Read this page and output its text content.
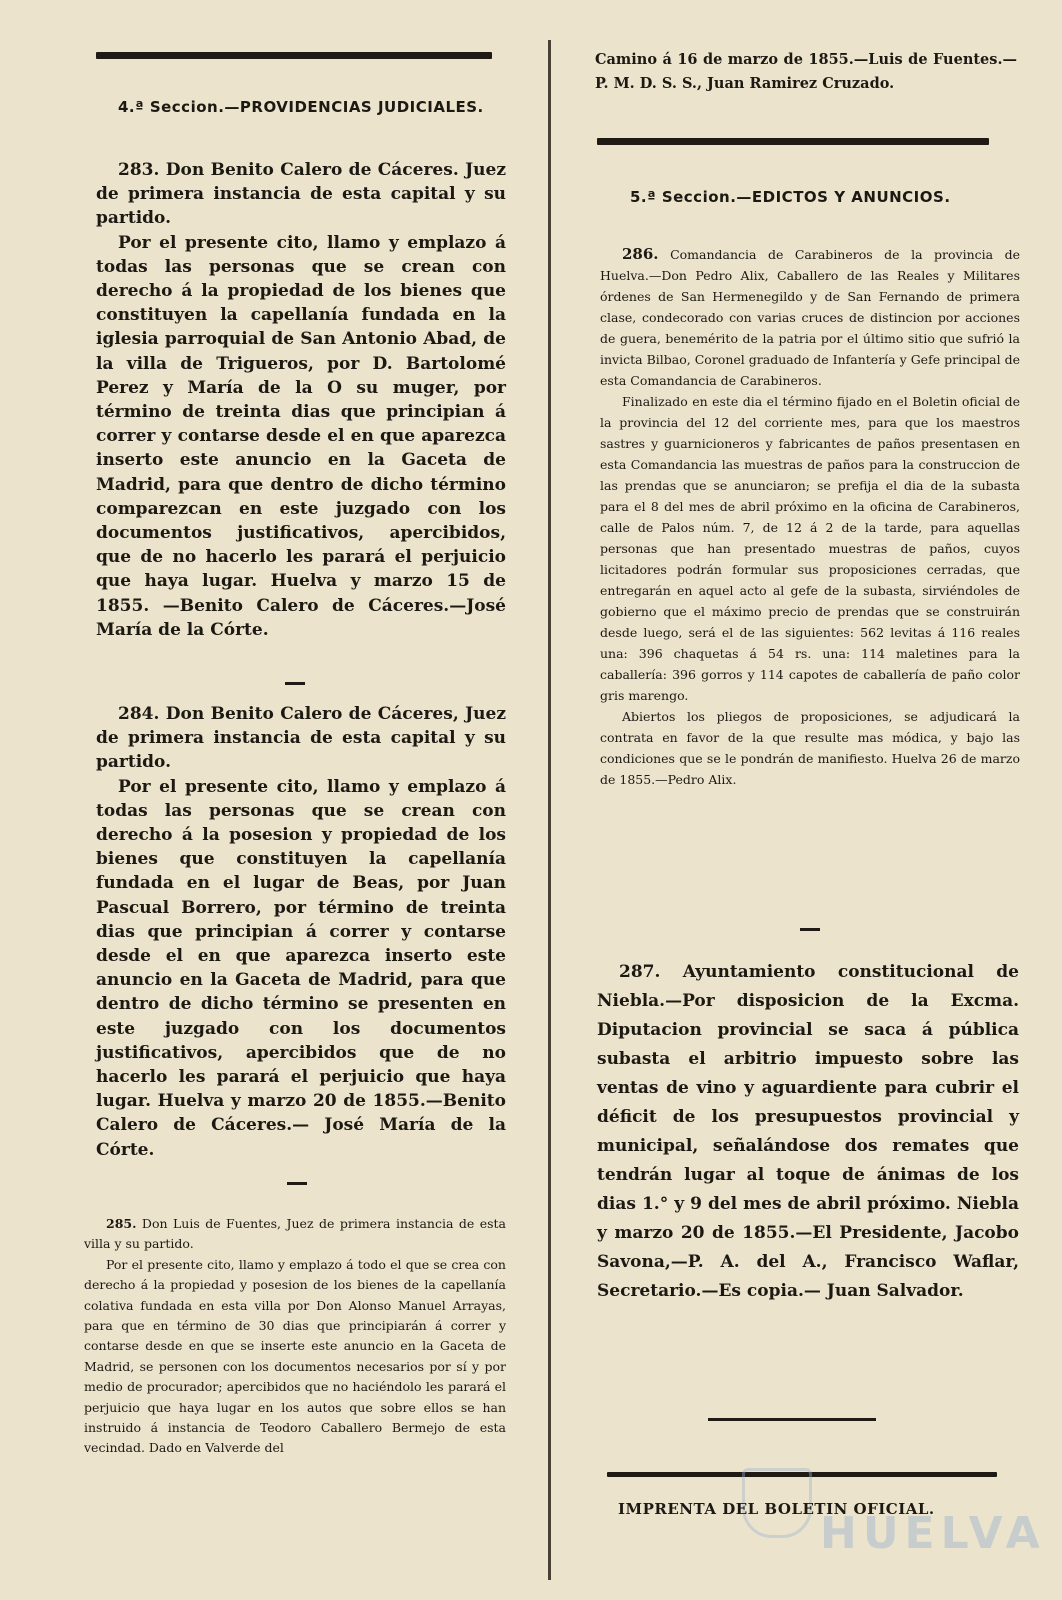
4.ª Seccion.—PROVIDENCIAS JUDICIALES.

283. Don Benito Calero de Cáceres. Juez de primera instancia de esta capital y su partido.

Por el presente cito, llamo y emplazo á todas las personas que se crean con derecho á la propiedad de los bienes que constituyen la capellanía fundada en la iglesia parroquial de San Antonio Abad, de la villa de Trigueros, por D. Bartolomé Perez y María de la O su muger, por término de treinta dias que principian á correr y contarse desde el en que aparezca inserto este anuncio en la Gaceta de Madrid, para que dentro de dicho término comparezcan en este juzgado con los documentos justificativos, apercibidos, que de no hacerlo les parará el perjuicio que haya lugar. Huelva y marzo 15 de 1855. —Benito Calero de Cáceres.—José María de la Córte.

284. Don Benito Calero de Cáceres, Juez de primera instancia de esta capital y su partido.

Por el presente cito, llamo y emplazo á todas las personas que se crean con derecho á la posesion y propiedad de los bienes que constituyen la capellanía fundada en el lugar de Beas, por Juan Pascual Borrero, por término de treinta dias que principian á correr y contarse desde el en que aparezca inserto este anuncio en la Gaceta de Madrid, para que dentro de dicho término se presenten en este juzgado con los documentos justificativos, apercibidos que de no hacerlo les parará el perjuicio que haya lugar. Huelva y marzo 20 de 1855.—Benito Calero de Cáceres.— José María de la Córte.

285. Don Luis de Fuentes, Juez de primera instancia de esta villa y su partido.

Por el presente cito, llamo y emplazo á todo el que se crea con derecho á la propiedad y posesion de los bienes de la capellanía colativa fundada en esta villa por Don Alonso Manuel Arrayas, para que en término de 30 dias que principiarán á correr y contarse desde en que se inserte este anuncio en la Gaceta de Madrid, se personen con los documentos necesarios por sí y por medio de procurador; apercibidos que no haciéndolo les parará el perjuicio que haya lugar en los autos que sobre ellos se han instruido á instancia de Teodoro Caballero Bermejo de esta vecindad. Dado en Valverde del

Camino á 16 de marzo de 1855.—Luis de Fuentes.—P. M. D. S. S., Juan Ramirez Cruzado.
5.ª Seccion.—EDICTOS Y ANUNCIOS.

286. Comandancia de Carabineros de la provincia de Huelva.—Don Pedro Alix, Caballero de las Reales y Militares órdenes de San Hermenegildo y de San Fernando de primera clase, condecorado con varias cruces de distincion por acciones de guera, benemérito de la patria por el último sitio que sufrió la invicta Bilbao, Coronel graduado de Infantería y Gefe principal de esta Comandancia de Carabineros.

Finalizado en este dia el término fijado en el Boletin oficial de la provincia del 12 del corriente mes, para que los maestros sastres y guarnicioneros y fabricantes de paños presentasen en esta Comandancia las muestras de paños para la construccion de las prendas que se anunciaron; se prefija el dia de la subasta para el 8 del mes de abril próximo en la oficina de Carabineros, calle de Palos núm. 7, de 12 á 2 de la tarde, para aquellas personas que han presentado muestras de paños, cuyos licitadores podrán formular sus proposiciones cerradas, que entregarán en aquel acto al gefe de la subasta, sirviéndoles de gobierno que el máximo precio de prendas que se construirán desde luego, será el de las siguientes: 562 levitas á 116 reales una: 396 chaquetas á 54 rs. una: 114 maletines para la caballería: 396 gorros y 114 capotes de caballería de paño color gris marengo.

Abiertos los pliegos de proposiciones, se adjudicará la contrata en favor de la que resulte mas módica, y bajo las condiciones que se le pondrán de manifiesto. Huelva 26 de marzo de 1855.—Pedro Alix.

287. Ayuntamiento constitucional de Niebla.—Por disposicion de la Excma. Diputacion provincial se saca á pública subasta el arbitrio impuesto sobre las ventas de vino y aguardiente para cubrir el déficit de los presupuestos provincial y municipal, señalándose dos remates que tendrán lugar al toque de ánimas de los dias 1.° y 9 del mes de abril próximo. Niebla y marzo 20 de 1855.—El Presidente, Jacobo Savona,—P. A. del A., Francisco Waflar, Secretario.—Es copia.— Juan Salvador.

HUELVA
IMPRENTA DEL BOLETIN OFICIAL.
